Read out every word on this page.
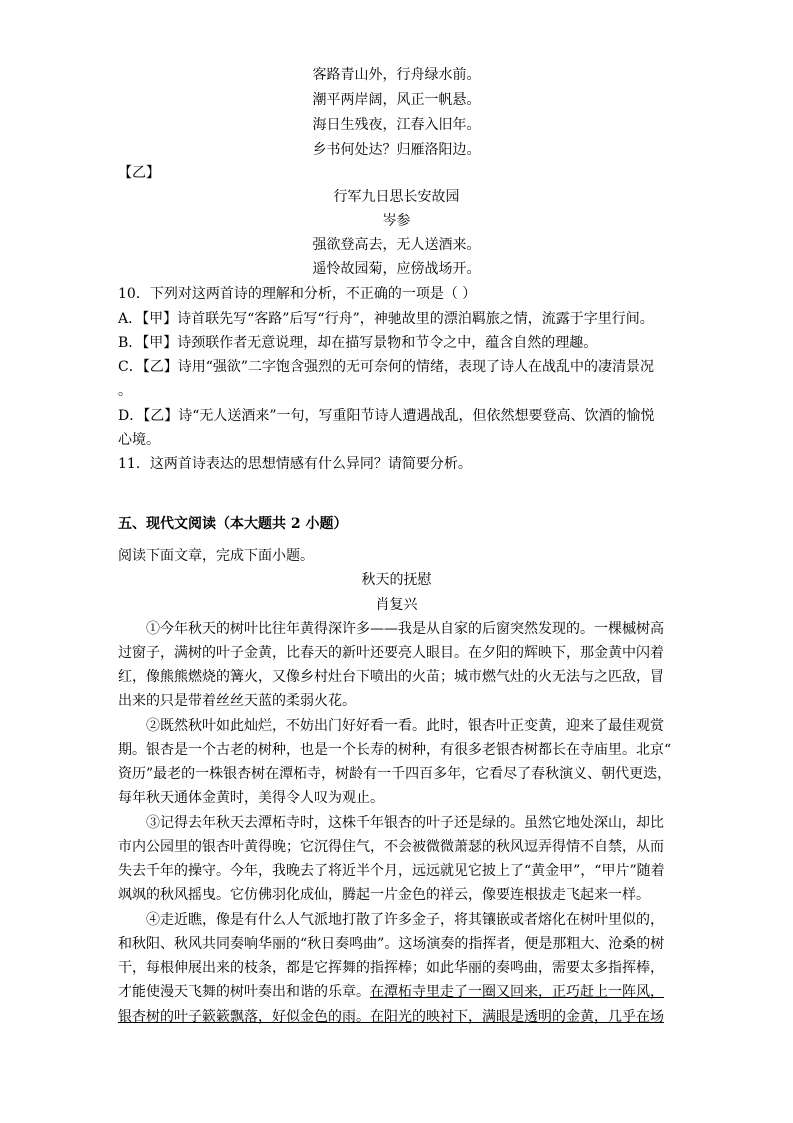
客路青山外，行舟绿水前。
潮平两岸阔，风正一帆悬。
海日生残夜，江春入旧年。
乡书何处达？归雁洛阳边。
【乙】
行军九日思长安故园
岑参
强欲登高去，无人送酒来。
遥怜故园菊，应傍战场开。
10．下列对这两首诗的理解和分析，不正确的一项是（ ）
A．【甲】诗首联先写“客路”后写“行舟”，神驰故里的漂泊羁旅之情，流露于字里行间。
B．【甲】诗颈联作者无意说理，却在描写景物和节令之中，蕴含自然的理趣。
C．【乙】诗用“强欲”二字饱含强烈的无可奈何的情绪，表现了诗人在战乱中的凄清景况
。
D．【乙】诗“无人送酒来”一句，写重阳节诗人遭遇战乱，但依然想要登高、饮酒的愉悦
心境。
11．这两首诗表达的思想情感有什么异同？请简要分析。
五、现代文阅读（本大题共 2 小题）
阅读下面文章，完成下面小题。
秋天的抚慰
肖复兴
①今年秋天的树叶比往年黄得深许多——我是从自家的后窗突然发现的。一棵槭树高
过窗子，满树的叶子金黄，比春天的新叶还要亮人眼目。在夕阳的辉映下，那金黄中闪着
红，像熊熊燃烧的篝火，又像乡村灶台下喷出的火苗；城市燃气灶的火无法与之匹敌，冒
出来的只是带着丝丝天蓝的柔弱火花。
②既然秋叶如此灿烂，不妨出门好好看一看。此时，银杏叶正变黄，迎来了最佳观赏
期。银杏是一个古老的树种，也是一个长寿的树种，有很多老银杏树都长在寺庙里。北京“
资历”最老的一株银杏树在潭柘寺，树龄有一千四百多年，它看尽了春秋演义、朝代更迭，
每年秋天通体金黄时，美得令人叹为观止。
③记得去年秋天去潭柘寺时，这株千年银杏的叶子还是绿的。虽然它地处深山，却比
市内公园里的银杏叶黄得晚；它沉得住气，不会被微微萧瑟的秋风逗弄得情不自禁，从而
失去千年的操守。今年，我晚去了将近半个月，远远就见它披上了“黄金甲”，“甲片”随着
飒飒的秋风摇曳。它仿佛羽化成仙，腾起一片金色的祥云，像要连根拔走飞起来一样。
④走近瞧，像是有什么人气派地打散了许多金子，将其镶嵌或者熔化在树叶里似的，
和秋阳、秋风共同奏响华丽的“秋日奏鸣曲”。这场演奏的指挥者，便是那粗大、沧桑的树
干，每根伸展出来的枝条，都是它挥舞的指挥棒；如此华丽的奏鸣曲，需要太多指挥棒，
才能使漫天飞舞的树叶奏出和谐的乐章。在潭柘寺里走了一圈又回来，正巧赶上一阵风，
银杏树的叶子簌簌飘落，好似金色的雨。在阳光的映衬下，满眼是透明的金黄，几乎在场
